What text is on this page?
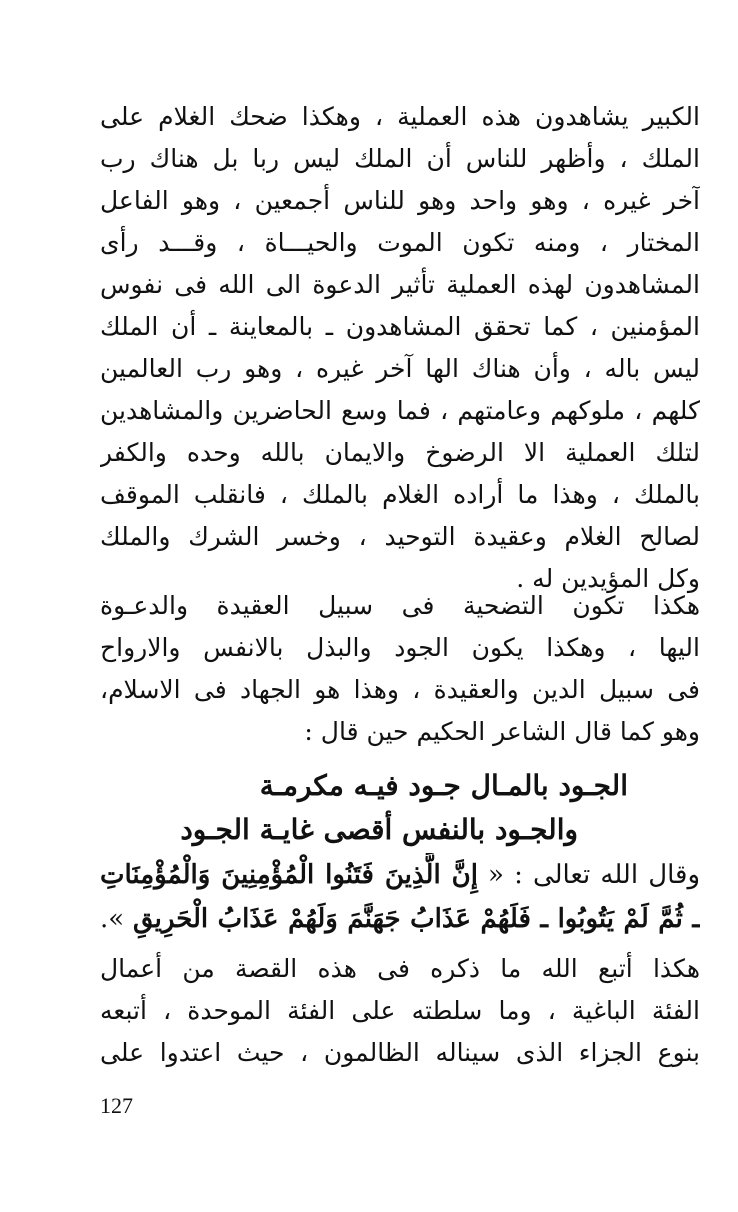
الكبير يشاهدون هذه العملية ، وهكذا ضحك الغلام على
الملك ، وأظهر للناس أن الملك ليس ربا بل هناك رب
آخر غيره ، وهو واحد وهو للناس أجمعين ، وهو الفاعل
المختار ، ومنه تكون الموت والحيـــاة ، وقـــد رأى
المشاهدون لهذه العملية تأثير الدعوة الى الله فى نفوس
المؤمنين ، كما تحقق المشاهدون ـ بالمعاينة ـ أن الملك
ليس باله ، وأن هناك الها آخر غيره ، وهو رب العالمين
كلهم ، ملوكهم وعامتهم ، فما وسع الحاضرين والمشاهدين
لتلك العملية الا الرضوخ والايمان بالله وحده والكفر
بالملك ، وهذا ما أراده الغلام بالملك ، فانقلب الموقف
لصالح الغلام وعقيدة التوحيد ، وخسر الشرك والملك
وكل المؤيدين له .
هكذا تكون التضحية فى سبيل العقيدة والدعـوة
اليها ، وهكذا يكون الجود والبذل بالانفس والارواح
فى سبيل الدين والعقيدة ، وهذا هو الجهاد فى الاسلام،
وهو كما قال الشاعر الحكيم حين قال :
الجـود بالمـال جـود فيـه مكرمـة
والجـود بالنفس أقصى غايـة الجـود
وقال الله تعالى : « إِنَّ الَّذِينَ فَتَنُوا الْمُؤْمِنِينَ وَالْمُؤْمِنَاتِ
ـ ثُمَّ لَمْ يَتُوبُوا ـ فَلَهُمْ عَذَابُ جَهَنَّمَ وَلَهُمْ عَذَابُ الْحَرِيقِ ».
هكذا أتبع الله ما ذكره فى هذه القصة من أعمال
الفئة الباغية ، وما سلطته على الفئة الموحدة ، أتبعه
بنوع الجزاء الذى سيناله الظالمون ، حيث اعتدوا على
127
